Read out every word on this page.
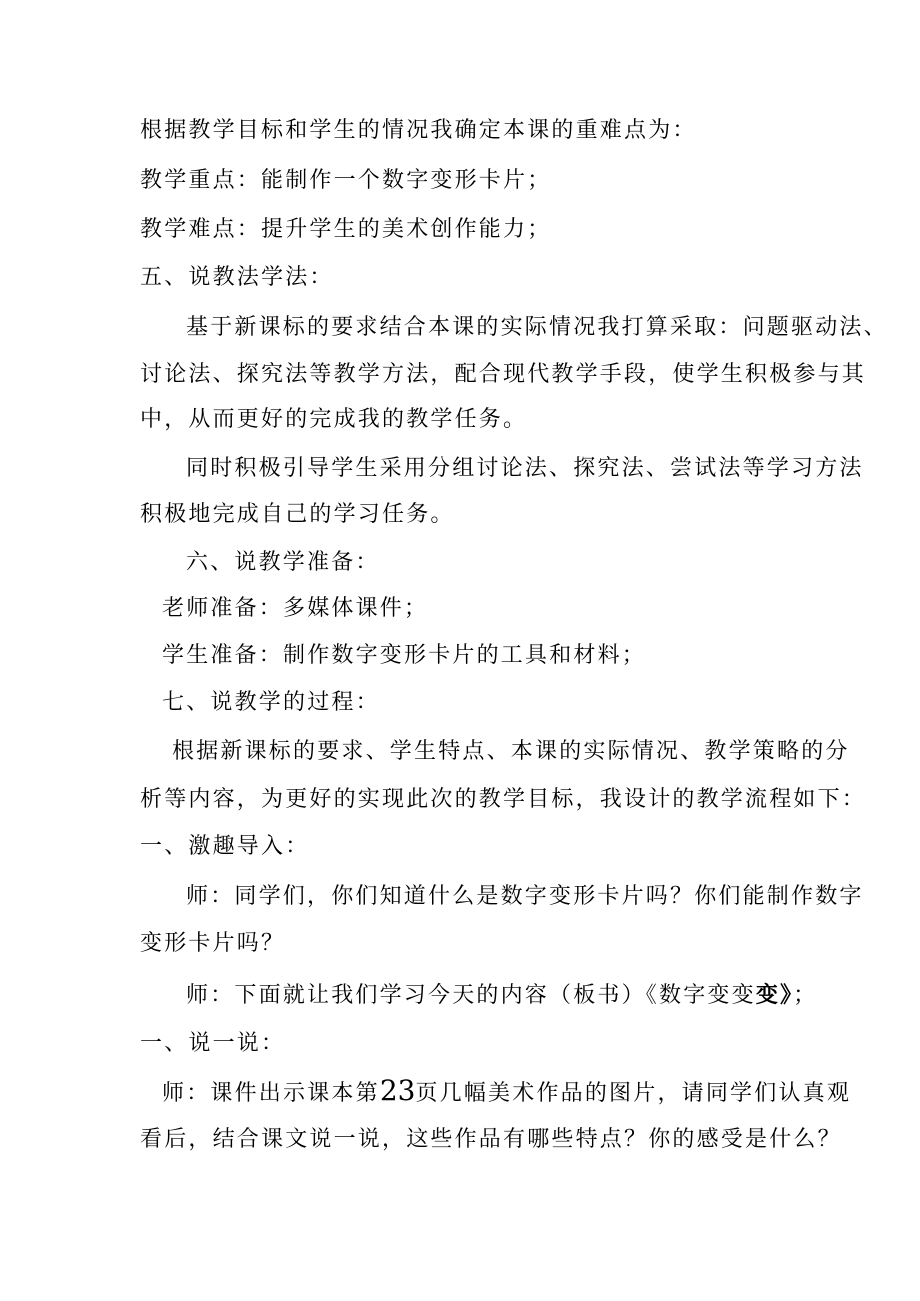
根据教学目标和学生的情况我确定本课的重难点为：
教学重点：能制作一个数字变形卡片；
教学难点：提升学生的美术创作能力；
五、说教法学法：
基于新课标的要求结合本课的实际情况我打算采取：问题驱动法、
讨论法、探究法等教学方法，配合现代教学手段，使学生积极参与其
中，从而更好的完成我的教学任务。
同时积极引导学生采用分组讨论法、探究法、尝试法等学习方法
积极地完成自己的学习任务。
六、说教学准备：
老师准备：多媒体课件；
学生准备：制作数字变形卡片的工具和材料；
七、说教学的过程：
根据新课标的要求、学生特点、本课的实际情况、教学策略的分
析等内容，为更好的实现此次的教学目标，我设计的教学流程如下：
一、激趣导入：
师：同学们，你们知道什么是数字变形卡片吗？你们能制作数字
变形卡片吗？
师：下面就让我们学习今天的内容（板书）《数字变变变》；
一、说一说：
师：课件出示课本第23页几幅美术作品的图片，请同学们认真观
看后，结合课文说一说，这些作品有哪些特点？你的感受是什么？
